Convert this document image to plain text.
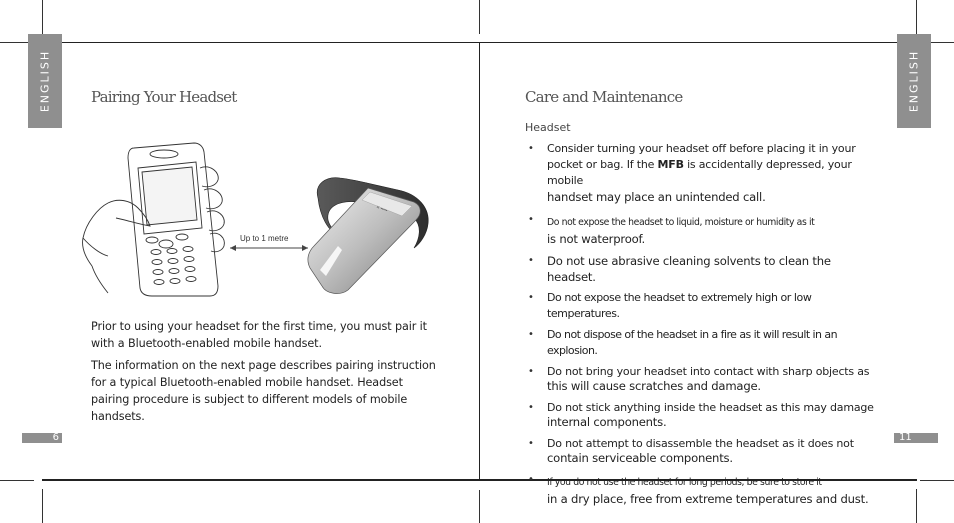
ENGLISH	Pairing Your Headset
Up to 1 metre
✕ •••••
Prior to using your headset for the first time, you must pair it with a Bluetooth-enabled mobile handset.
The information on the next page describes pairing instruction for a typical Bluetooth-enabled mobile handset. Headset pairing procedure is subject to different models of mobile handsets.
6
ENGLISH
Care and Maintenance
Headset
• Consider turning your headset off before placing it in your
pocket or bag. If the MFB is accidentally depressed, your mobile
handset may place an unintended call.
• Do not expose the headset to liquid, moisture or humidity as it
is not waterproof.
• Do not use abrasive cleaning solvents to clean the headset.
• Do not expose the headset to extremely high or low temperatures.
• Do not dispose of the headset in a fire as it will result in an explosion.
• Do not bring your headset into contact with sharp objects as
this will cause scratches and damage.
• Do not stick anything inside the headset as this may damage
internal components.
• Do not attempt to disassemble the headset as it does not
contain serviceable components.
• If you do not use the headset for long periods, be sure to store it
in a dry place, free from extreme temperatures and dust.
11
